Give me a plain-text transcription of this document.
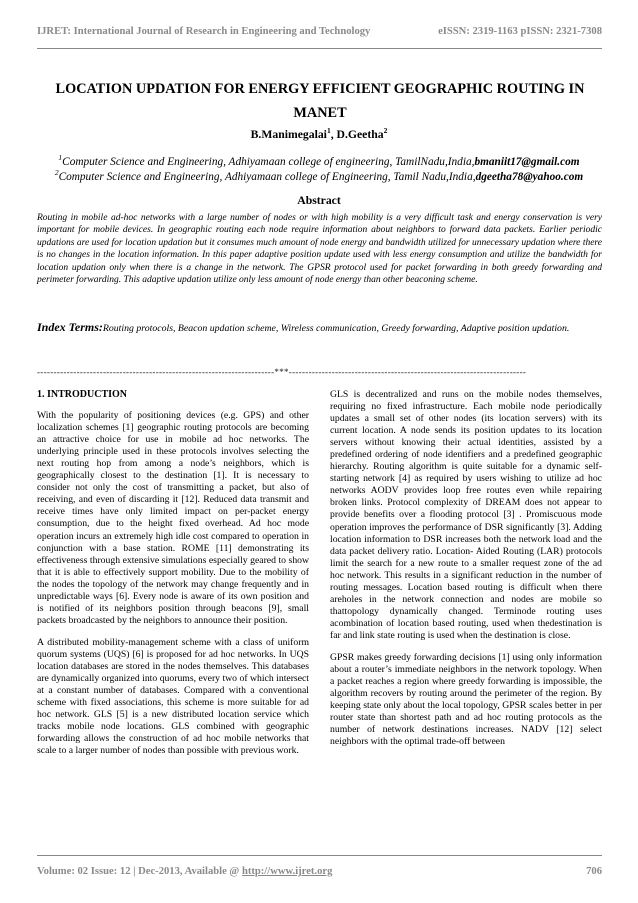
IJRET: International Journal of Research in Engineering and Technology	eISSN: 2319-1163 pISSN: 2321-7308
LOCATION UPDATION FOR ENERGY EFFICIENT GEOGRAPHIC ROUTING IN MANET
B.Manimegalai$^1$, D.Geetha$^2$
$^1$Computer Science and Engineering, Adhiyamaan college of engineering, TamilNadu,India,bmaniit17@gmail.com
$^2$Computer Science and Engineering, Adhiyamaan college of Engineering, Tamil Nadu,India,dgeetha78@yahoo.com
Abstract
Routing in mobile ad-hoc networks with a large number of nodes or with high mobility is a very difficult task and energy conservation is very important for mobile devices. In geographic routing each node require information about neighbors to forward data packets. Earlier periodic updations are used for location updation but it consumes much amount of node energy and bandwidth utilized for unnecessary updation where there is no changes in the location information. In this paper adaptive position update used with less energy consumption and utilize the bandwidth for location updation only when there is a change in the network. The GPSR protocol used for packet forwarding in both greedy forwarding and perimeter forwarding. This adaptive updation utilize only less amount of node energy than other beaconing scheme.
Index Terms:Routing protocols, Beacon updation scheme, Wireless communication, Greedy forwarding, Adaptive position updation.
------------------------------------------------------------------------***------------------------------------------------------------------------
1. INTRODUCTION

With the popularity of positioning devices (e.g. GPS) and other localization schemes [1] geographic routing protocols are becoming an attractive choice for use in mobile ad hoc networks. The underlying principle used in these protocols involves selecting the next routing hop from among a node’s neighbors, which is geographically closest to the destination [1]. It is necessary to consider not only the cost of transmitting a packet, but also of receiving, and even of discarding it [12]. Reduced data transmit and receive times have only limited impact on per-packet energy consumption, due to the height fixed overhead. Ad hoc mode operation incurs an extremely high idle cost compared to operation in conjunction with a base station. ROME [11] demonstrating its effectiveness through extensive simulations especially geared to show that it is able to effectively support mobility. Due to the mobility of the nodes the topology of the network may change frequently and in unpredictable ways [6]. Every node is aware of its own position and is notified of its neighbors position through beacons [9], small packets broadcasted by the neighbors to announce their position.

A distributed mobility-management scheme with a class of uniform quorum systems (UQS) [6] is proposed for ad hoc networks. In UQS location databases are stored in the nodes themselves. This databases are dynamically organized into quorums, every two of which intersect at a constant number of databases. Compared with a conventional scheme with fixed associations, this scheme is more suitable for ad hoc network. GLS [5] is a new distributed location service which tracks mobile node locations. GLS combined with geographic forwarding allows the construction of ad hoc mobile networks that scale to a larger number of nodes than possible with previous work.

GLS is decentralized and runs on the mobile nodes themselves, requiring no fixed infrastructure. Each mobile node periodically updates a small set of other nodes (its location servers) with its current location. A node sends its position updates to its location servers without knowing their actual identities, assisted by a predefined ordering of node identifiers and a predefined geographic hierarchy. Routing algorithm is quite suitable for a dynamic self-starting network [4] as required by users wishing to utilize ad hoc networks AODV provides loop free routes even while repairing broken links. Protocol complexity of DREAM does not appear to provide benefits over a flooding protocol [3] . Promiscuous mode operation improves the performance of DSR significantly [3]. Adding location information to DSR increases both the network load and the data packet delivery ratio. Location- Aided Routing (LAR) protocols limit the search for a new route to a smaller request zone of the ad hoc network. This results in a significant reduction in the number of routing messages. Location based routing is difficult when there areholes in the network connection and nodes are mobile so thattopology dynamically changed. Terminode routing uses acombination of location based routing, used when thedestination is far and link state routing is used when the destination is close.

GPSR makes greedy forwarding decisions [1] using only information about a router’s immediate neighbors in the network topology. When a packet reaches a region where greedy forwarding is impossible, the algorithm recovers by routing around the perimeter of the region. By keeping state only about the local topology, GPSR scales better in per router state than shortest path and ad hoc routing protocols as the number of network destinations increases. NADV [12] select neighbors with the optimal trade-off between

Volume: 02 Issue: 12 | Dec-2013, Available @ http://www.ijret.org	706
